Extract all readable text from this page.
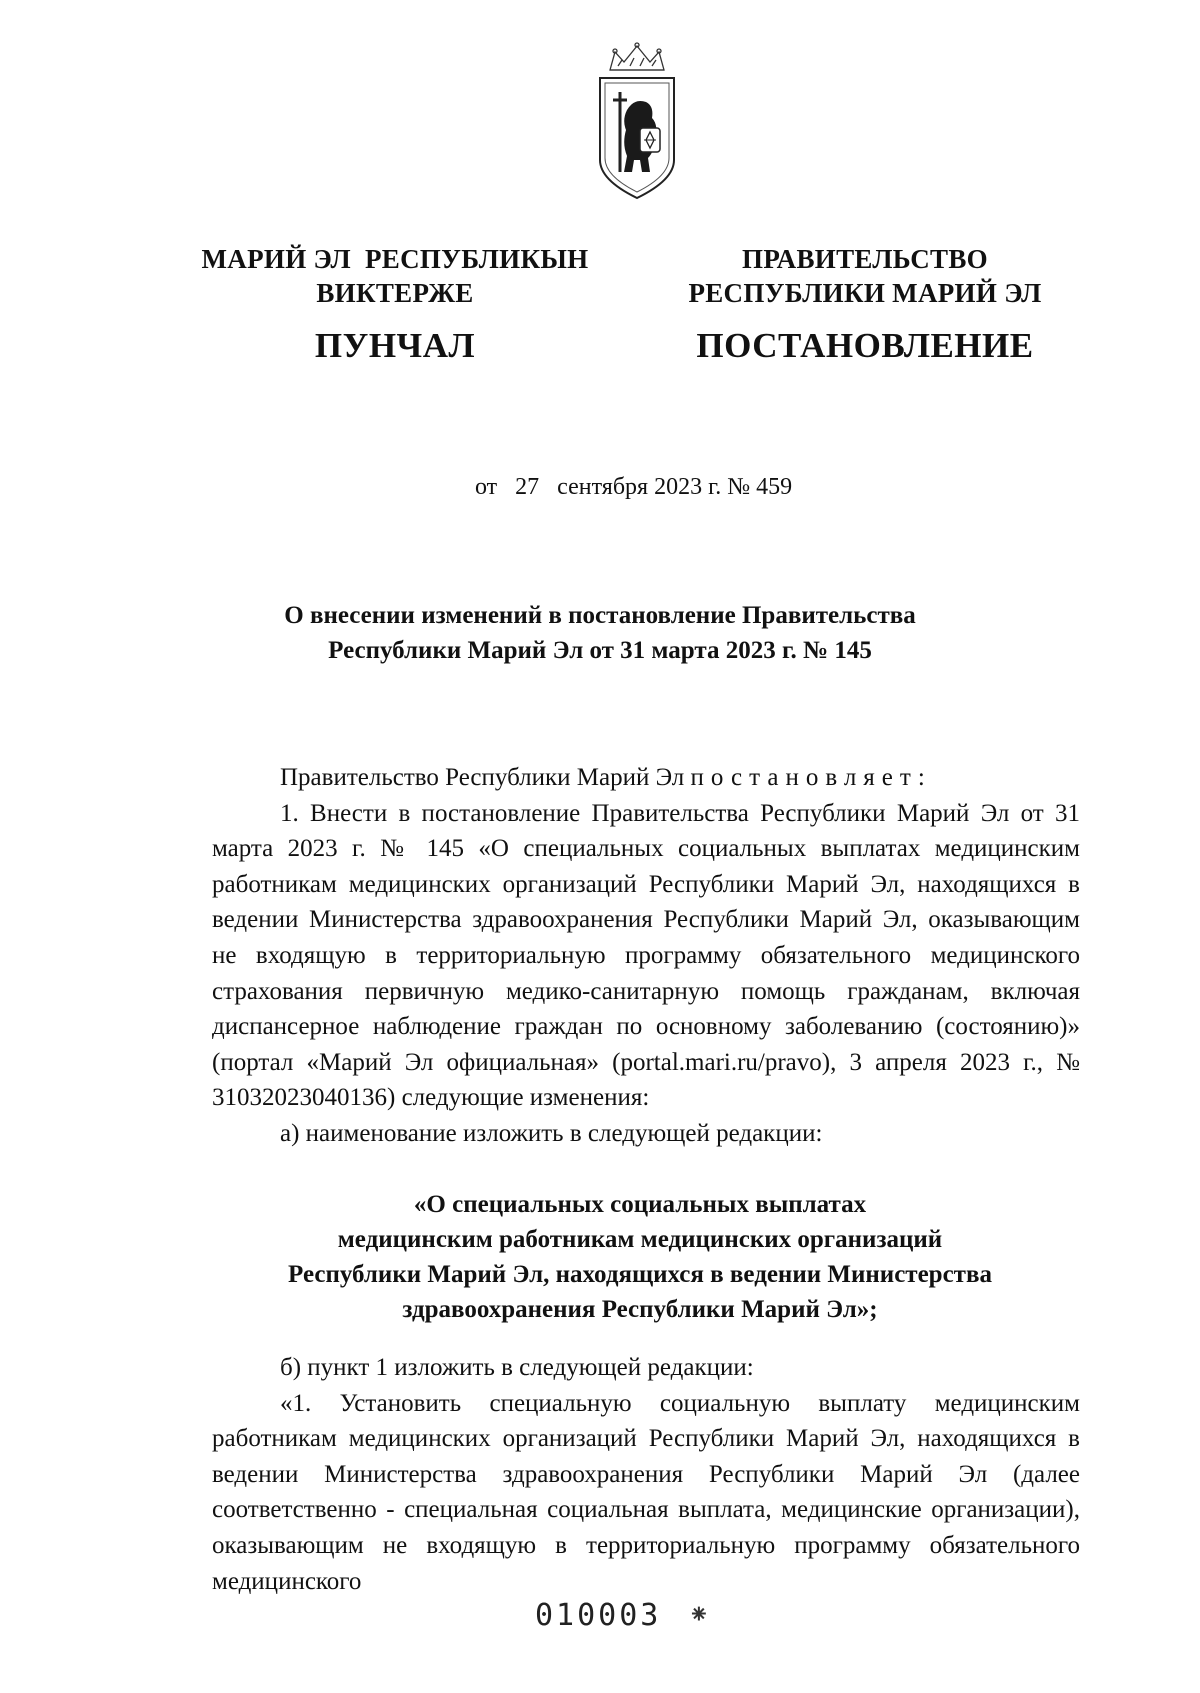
МАРИЙ ЭЛ  РЕСПУБЛИКЫН
ВИКТЕРЖЕ
ПУНЧАЛ
ПРАВИТЕЛЬСТВО
РЕСПУБЛИКИ МАРИЙ ЭЛ
ПОСТАНОВЛЕНИЕ
от 27 сентября 2023 г. № 459
О внесении изменений в постановление Правительства
Республики Марий Эл от 31 марта 2023 г. № 145

Правительство Республики Марий Эл постановляет:

1. Внести в постановление Правительства Республики Марий Эл от 31 марта 2023 г. № 145 «О специальных социальных выплатах медицинским работникам медицинских организаций Республики Марий Эл, находящихся в ведении Министерства здравоохранения Республики Марий Эл, оказывающим не входящую в территориальную программу обязательного медицинского страхования первичную медико-санитарную помощь гражданам, включая диспансерное наблюдение граждан по основному заболеванию (состоянию)» (портал «Марий Эл официальная» (portal.mari.ru/pravo), 3 апреля 2023 г., № 31032023040136) следующие изменения:

а) наименование изложить в следующей редакции:

«О специальных социальных выплатах
медицинским работникам медицинских организаций
Республики Марий Эл, находящихся в ведении Министерства
здравоохранения Республики Марий Эл»;

б) пункт 1 изложить в следующей редакции:

«1. Установить специальную социальную выплату медицинским работникам медицинских организаций Республики Марий Эл, находящихся в ведении Министерства здравоохранения Республики Марий Эл (далее соответственно - специальная социальная выплата, медицинские организации), оказывающим не входящую в территориальную программу обязательного медицинского

010003 ⁕
